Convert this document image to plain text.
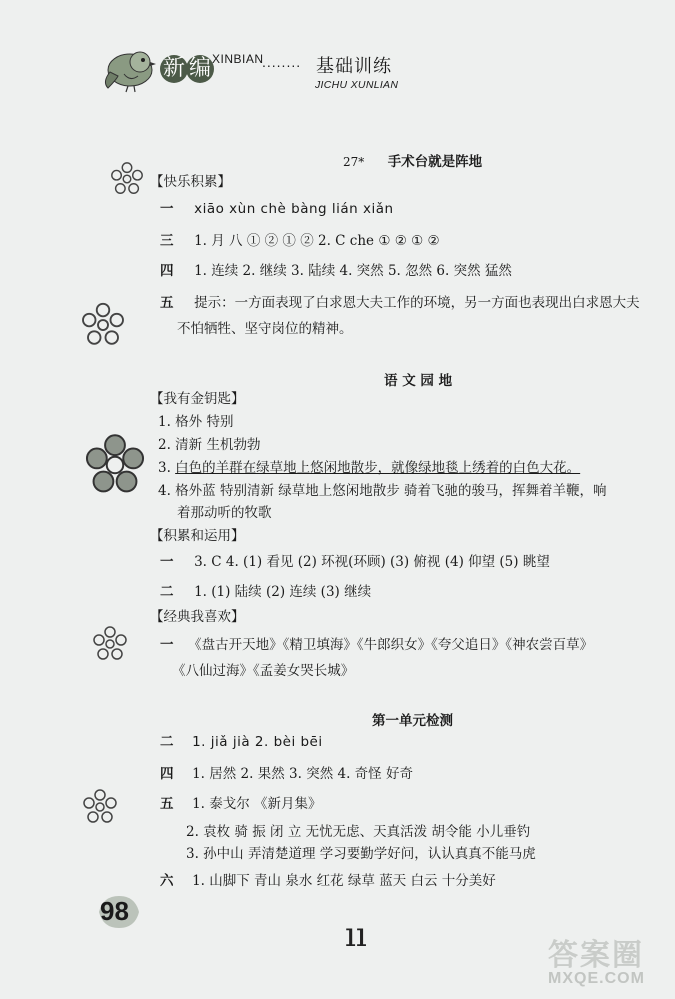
新 编 XINBIAN
........ 基础训练
JICHU XUNLIAN
27* 手术台就是阵地
【快乐积累】
一 xiāo xùn chè bàng lián xiǎn
三 1. 月 八 ① ② ① ② 2. C che ① ② ① ②
四 1. 连续 2. 继续 3. 陆续 4. 突然 5. 忽然 6. 突然 猛然
五 提示：一方面表现了白求恩大夫工作的环境，另一方面也表现出白求恩大夫
不怕牺牲、坚守岗位的精神。
语 文 园 地
【我有金钥匙】
1. 格外 特别
2. 清新 生机勃勃
3. 白色的羊群在绿草地上悠闲地散步，就像绿地毯上绣着的白色大花。
4. 格外蓝 特别清新 绿草地上悠闲地散步 骑着飞驰的骏马，挥舞着羊鞭，响
着那动听的牧歌
【积累和运用】
一 3. C 4. (1) 看见 (2) 环视(环顾) (3) 俯视 (4) 仰望 (5) 眺望
二 1. (1) 陆续 (2) 连续 (3) 继续
【经典我喜欢】
一 《盘古开天地》《精卫填海》《牛郎织女》《夸父追日》《神农尝百草》
《八仙过海》《孟姜女哭长城》
第一单元检测
二 1. jiǎ jià 2. bèi bēi
四 1. 居然 2. 果然 3. 突然 4. 奇怪 好奇
五 1. 泰戈尔 《新月集》
2. 袁枚 骑 振 闭 立 无忧无虑、天真活泼 胡令能 小儿垂钓
3. 孙中山 弄清楚道理 学习要勤学好问，认认真真不能马虎
六 1. 山脚下 青山 泉水 红花 绿草 蓝天 白云 十分美好
98
ıı
答案圈
MXQE.COM
